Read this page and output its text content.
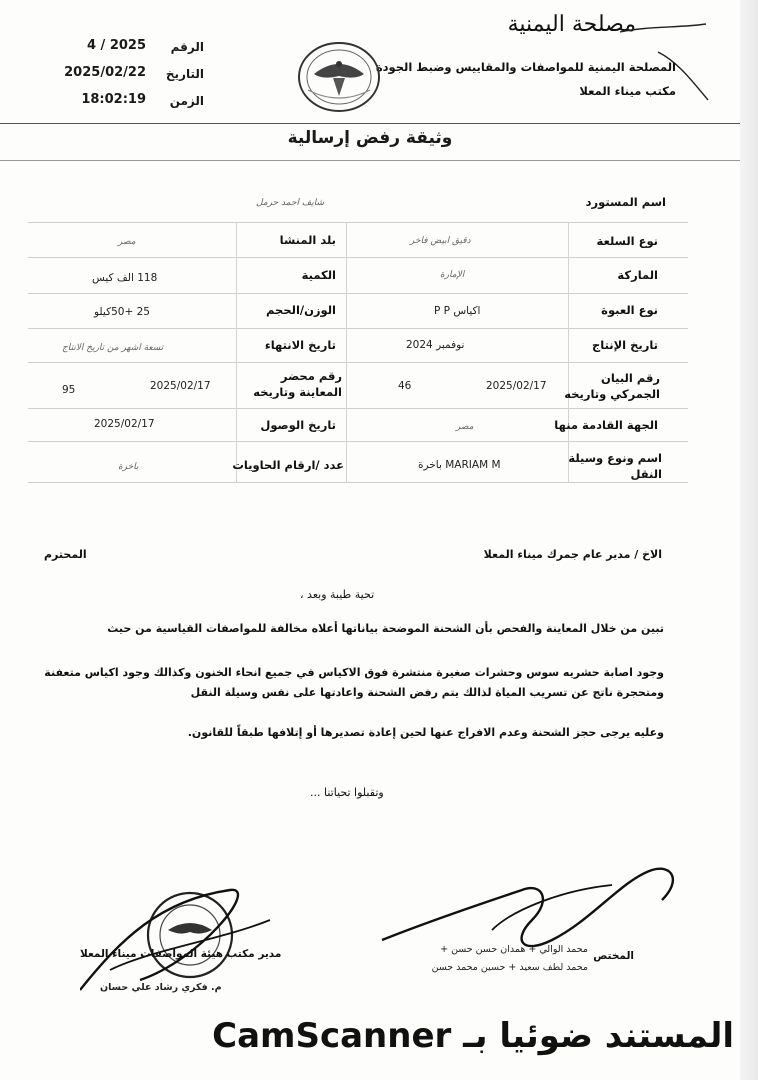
مصلحة اليمنية
المصلحة اليمنية للمواصفات والمقاييس وضبط الجودة
مكتب ميناء المعلا
الرقم
4 / 2025
التاريخ
2025/02/22
الزمن
18:02:19
وثيقة رفض إرسالية
اسم المستورد
شايف احمد حرمل
نوع السلعة
دقيق ابيض فاخر
بلد المنشا
مصر
الماركة
الإمارة
الكمية
118 الف كيس
نوع العبوة
اكياس P P
الوزن/الحجم
25 +50كيلو
تاريخ الإنتاج
نوفمبر 2024
تاريخ الانتهاء
تسعة اشهر من تاريخ الانتاج
رقم البيان الجمركي وتاريخه
2025/02/17
46
رقم محضر المعاينة وتاريخه
2025/02/17
95
الجهة القادمة منها
مصر
تاريخ الوصول
2025/02/17
اسم ونوع وسيلة النقل
MARIAM M باخرة
عدد /ارقام الحاويات
باخرة
الاخ / مدير عام جمرك ميناء المعلا
المحترم
تحية طيبة وبعد ،
تبين من خلال المعاينة والفحص بأن الشحنة الموضحة بياناتها أعلاه مخالفة للمواصفات القياسية من حيث
وجود اصابة حشريه سوس وحشرات صغيرة منتشرة فوق الاكياس في جميع انحاء الخنون وكذالك وجود اكياس متعفنة
ومتحجرة ناتج عن تسريب المياة لذالك يتم رفض الشحنة واعادتها على نفس وسيلة النقل
وعليه يرجى حجز الشحنة وعدم الافراج عنها لحين إعادة تصديرها أو إتلافها طبقاً للقانون.
وتقبلوا تحياتنا ...
المختص
محمد الوالي + همدان حسن حسن +
محمد لطف سعيد + حسين محمد حسن
مدير مكتب هيئة المواصفات ميناء المعلا
م. فكري رشاد علي حسان
المستند ضوئيا بـ CamScanner
